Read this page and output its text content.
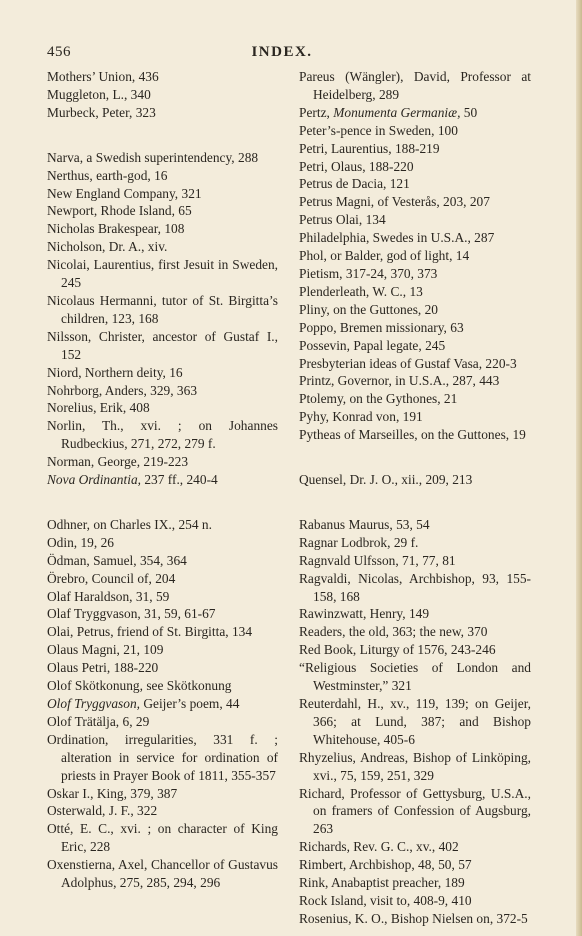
456	INDEX.

Mothers’ Union, 436

Muggleton, L., 340

Murbeck, Peter, 323

Narva, a Swedish superintendency, 288

Nerthus, earth-god, 16

New England Company, 321

Newport, Rhode Island, 65

Nicholas Brakespear, 108

Nicholson, Dr. A., xiv.

Nicolai, Laurentius, first Jesuit in Sweden, 245

Nicolaus Hermanni, tutor of St. Birgitta’s children, 123, 168

Nilsson, Christer, ancestor of Gustaf I., 152

Niord, Northern deity, 16

Nohrborg, Anders, 329, 363

Norelius, Erik, 408

Norlin, Th., xvi. ; on Johannes Rudbeckius, 271, 272, 279 f.

Norman, George, 219-223

Nova Ordinantia, 237 ff., 240-4

Odhner, on Charles IX., 254 n.

Odin, 19, 26

Ödman, Samuel, 354, 364

Örebro, Council of, 204

Olaf Haraldson, 31, 59

Olaf Tryggvason, 31, 59, 61-67

Olai, Petrus, friend of St. Birgitta, 134

Olaus Magni, 21, 109

Olaus Petri, 188-220

Olof Skötkonung, see Skötkonung

Olof Tryggvason, Geijer’s poem, 44

Olof Trätälja, 6, 29

Ordination, irregularities, 331 f. ; alteration in service for ordination of priests in Prayer Book of 1811, 355-357

Oskar I., King, 379, 387

Osterwald, J. F., 322

Otté, E. C., xvi. ; on character of King Eric, 228

Oxenstierna, Axel, Chancellor of Gustavus Adolphus, 275, 285, 294, 296

Pareus (Wängler), David, Professor at Heidelberg, 289

Pertz, Monumenta Germaniæ, 50

Peter’s-pence in Sweden, 100

Petri, Laurentius, 188-219

Petri, Olaus, 188-220

Petrus de Dacia, 121

Petrus Magni, of Vesterås, 203, 207

Petrus Olai, 134

Philadelphia, Swedes in U.S.A., 287

Phol, or Balder, god of light, 14

Pietism, 317-24, 370, 373

Plenderleath, W. C., 13

Pliny, on the Guttones, 20

Poppo, Bremen missionary, 63

Possevin, Papal legate, 245

Presbyterian ideas of Gustaf Vasa, 220-3

Printz, Governor, in U.S.A., 287, 443

Ptolemy, on the Gythones, 21

Pyhy, Konrad von, 191

Pytheas of Marseilles, on the Guttones, 19

Quensel, Dr. J. O., xii., 209, 213

Rabanus Maurus, 53, 54

Ragnar Lodbrok, 29 f.

Ragnvald Ulfsson, 71, 77, 81

Ragvaldi, Nicolas, Archbishop, 93, 155-158, 168

Rawinzwatt, Henry, 149

Readers, the old, 363; the new, 370

Red Book, Liturgy of 1576, 243-246

“Religious Societies of London and Westminster,” 321

Reuterdahl, H., xv., 119, 139; on Geijer, 366; at Lund, 387; and Bishop Whitehouse, 405-6

Rhyzelius, Andreas, Bishop of Linköping, xvi., 75, 159, 251, 329

Richard, Professor of Gettysburg, U.S.A., on framers of Confession of Augsburg, 263

Richards, Rev. G. C., xv., 402

Rimbert, Archbishop, 48, 50, 57

Rink, Anabaptist preacher, 189

Rock Island, visit to, 408-9, 410

Rosenius, K. O., Bishop Nielsen on, 372-5
